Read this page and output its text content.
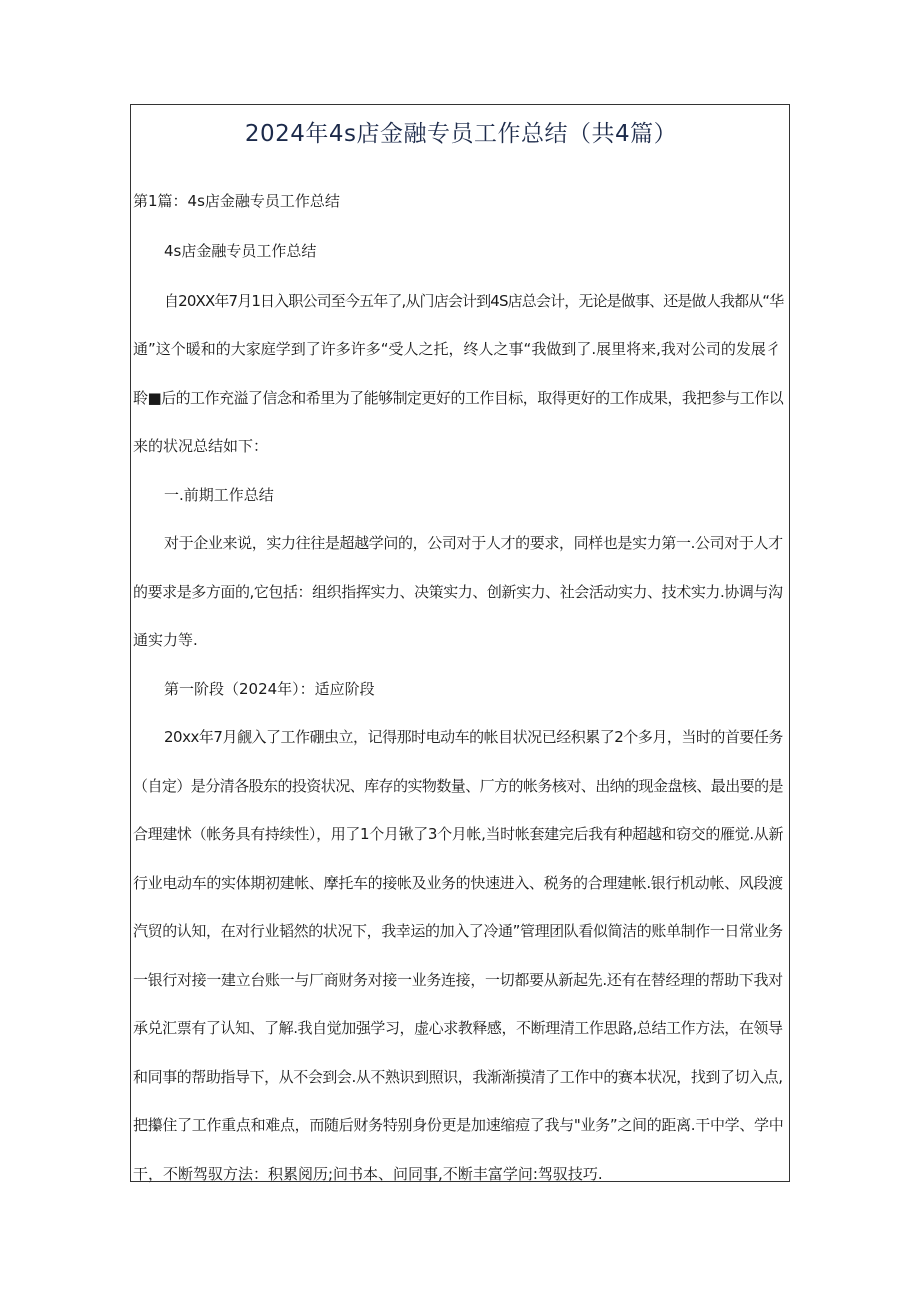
2024年4s店金融专员工作总结（共4篇）
第1篇：4s店金融专员工作总结
4s店金融专员工作总结
自20XX年7月1日入职公司至今五年了,从门店会计到4S店总会计，无论是做事、还是做人我都从“华
通”这个暖和的大家庭学到了许多许多“受人之托，终人之事“我做到了.展里将来,我对公司的发展彳
聆■后的工作充溢了信念和希里为了能够制定更好的工作目标，取得更好的工作成果，我把参与工作以
来的状况总结如下：
一.前期工作总结
对于企业来说，实力往往是超越学问的，公司对于人才的要求，同样也是实力第一.公司对于人才
的要求是多方面的,它包括：组织指挥实力、决策实力、创新实力、社会活动实力、技术实力.协调与沟
通实力等.
第一阶段（2024年）：适应阶段
20xx年7月觎入了工作硼虫立，记得那时电动车的帐目状况已经积累了2个多月，当时的首要任务
（自定）是分清各股东的投资状况、库存的实物数量、厂方的帐务核对、出纳的现金盘核、最出要的是
合理建怵（帐务具有持续性），用了1个月锹了3个月帐,当时帐套建完后我有种超越和窃交的雁觉.从新
行业电动车的实体期初建帐、摩托车的接帐及业务的快速进入、税务的合理建帐.银行机动帐、风段渡
汽贸的认知，在对行业韬然的状况下，我幸运的加入了冷通”管理团队看似简洁的账单制作一日常业务
一银行对接一建立台账一与厂商财务对接一业务连接，一切都要从新起先.还有在替经理的帮助下我对
承兑汇票有了认知、了解.我自觉加强学习，虚心求教释感，不断理清工作思路,总结工作方法，在领导
和同事的帮助指导下，从不会到会.从不熟识到照识，我渐渐摸清了工作中的赛本状况，找到了切入点,
把攥住了工作重点和难点，而随后财务特别身份更是加速缩痘了我与"业务”之间的距离.干中学、学中
干，不断驾驭方法：积累阅历;问书本、问同事,不断丰富学问:驾驭技巧.
